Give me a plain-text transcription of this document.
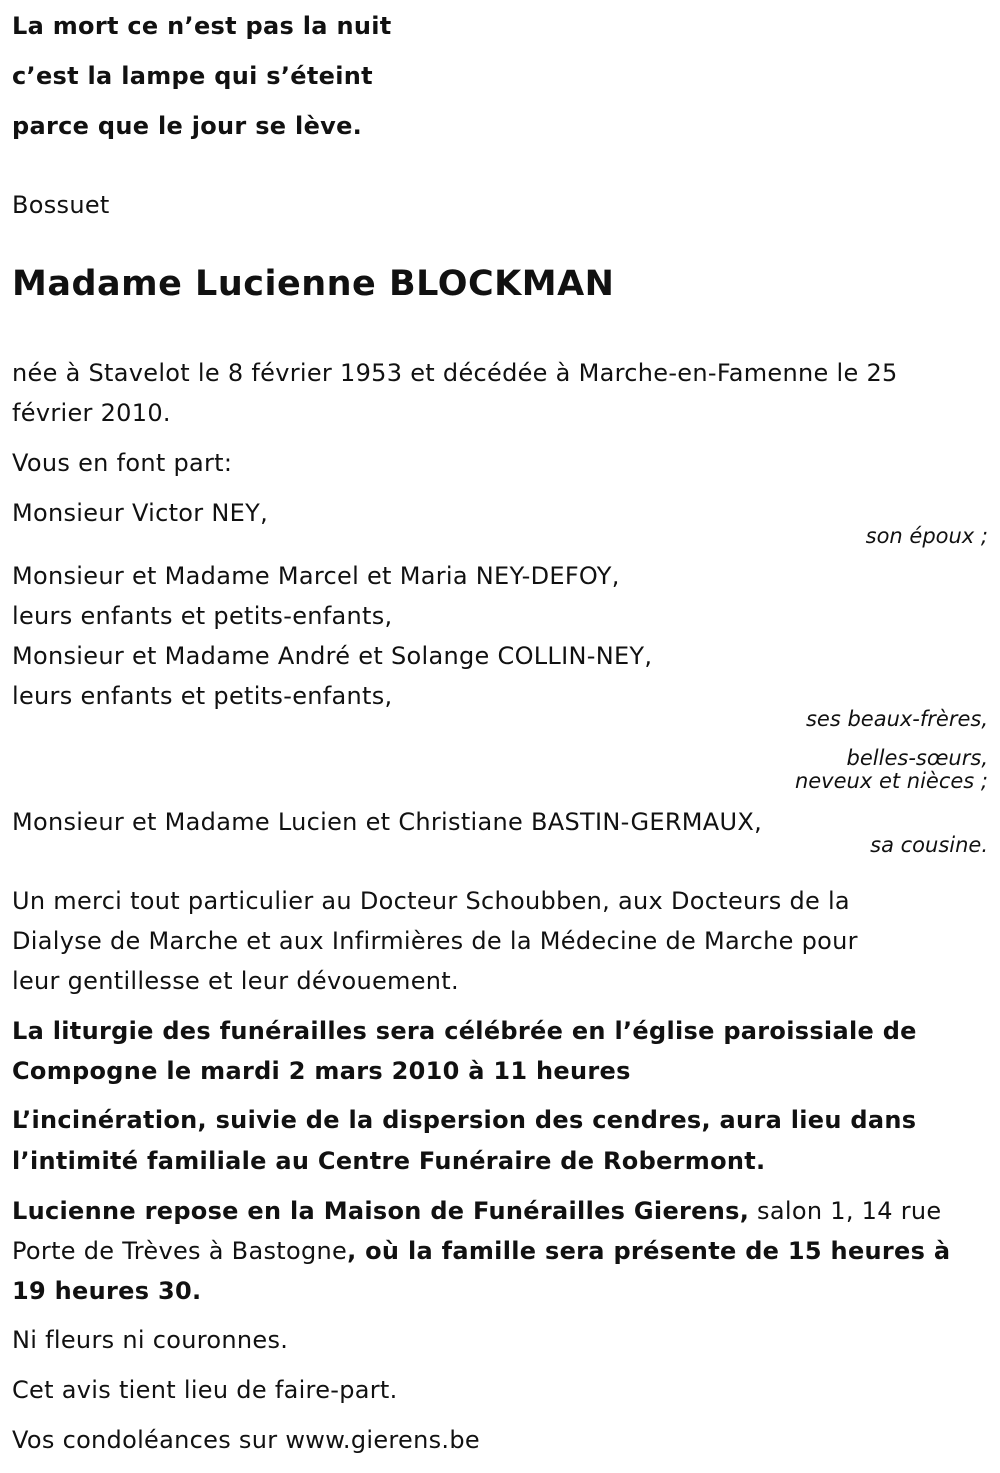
La mort ce n’est pas la nuit
c’est la lampe qui s’éteint
parce que le jour se lève.
Bossuet
Madame Lucienne BLOCKMAN
née à Stavelot le 8 février 1953 et décédée à Marche-en-Famenne le 25
février 2010.
Vous en font part:
Monsieur Victor NEY,
son époux ;
Monsieur et Madame Marcel et Maria NEY-DEFOY,
leurs enfants et petits-enfants,
Monsieur et Madame André et Solange COLLIN-NEY,
leurs enfants et petits-enfants,
ses beaux-frères,
belles-sœurs,
neveux et nièces ;
Monsieur et Madame Lucien et Christiane BASTIN-GERMAUX,
sa cousine.
Un merci tout particulier au Docteur Schoubben, aux Docteurs de la
Dialyse de Marche et aux Infirmières de la Médecine de Marche pour
leur gentillesse et leur dévouement.
La liturgie des funérailles sera célébrée en l’église paroissiale de
Compogne le mardi 2 mars 2010 à 11 heures
L’incinération, suivie de la dispersion des cendres, aura lieu dans
l’intimité familiale au Centre Funéraire de Robermont.
Lucienne repose en la Maison de Funérailles Gierens, salon 1, 14 rue
Porte de Trèves à Bastogne, où la famille sera présente de 15 heures à
19 heures 30.
Ni fleurs ni couronnes.
Cet avis tient lieu de faire-part.
Vos condoléances sur www.gierens.be
